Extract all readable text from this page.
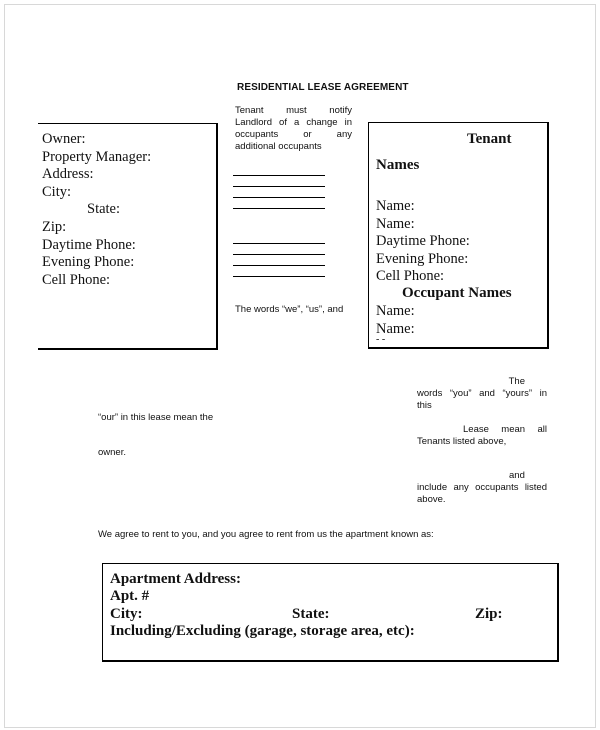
RESIDENTIAL LEASE AGREEMENT
Tenant must notify
Landlord of a change in
occupants or any
additional occupants
The words “we”, “us”, and
Owner:
Property Manager:
Address:
City:
State:
Zip:
Daytime Phone:
Evening Phone:
Cell Phone:
Tenant
Names
Name:
Name:
Daytime Phone:
Evening Phone:
Cell Phone:
Occupant Names
Name:
Name:
- -
The
words “you” and “yours” in
this
Lease mean all
Tenants listed above,
and
include any occupants listed
above.
“our” in this lease mean the
owner.
We agree to rent to you, and you agree to rent from us the apartment known as:
Apartment Address:
Apt. #
City:	State:	Zip:
Including/Excluding (garage, storage area, etc):
